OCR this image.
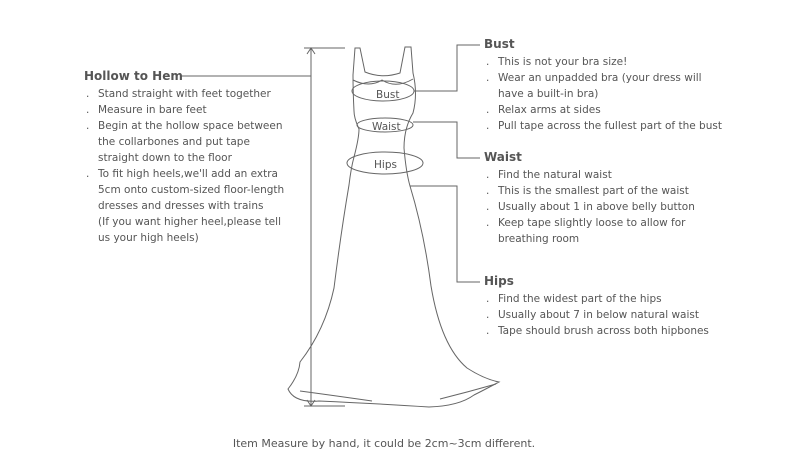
Bust
Waist
Hips
Hollow to Hem
. Stand straight with feet together
. Measure in bare feet
. Begin at the hollow space between
the collarbones and put tape
straight down to the floor
. To fit high heels,we'll add an extra
5cm onto custom-sized floor-length
dresses and dresses with trains
(If you want higher heel,please tell
us your high heels)
Bust
. This is not your bra size!
. Wear an unpadded bra (your dress will
have a built-in bra)
. Relax arms at sides
. Pull tape across the fullest part of the bust
Waist
. Find the natural waist
. This is the smallest part of the waist
. Usually about 1 in above belly button
. Keep tape slightly loose to allow for
breathing room
Hips
. Find the widest part of the hips
. Usually about 7 in below natural waist
. Tape should brush across both hipbones
Item Measure by hand, it could be 2cm~3cm different.
